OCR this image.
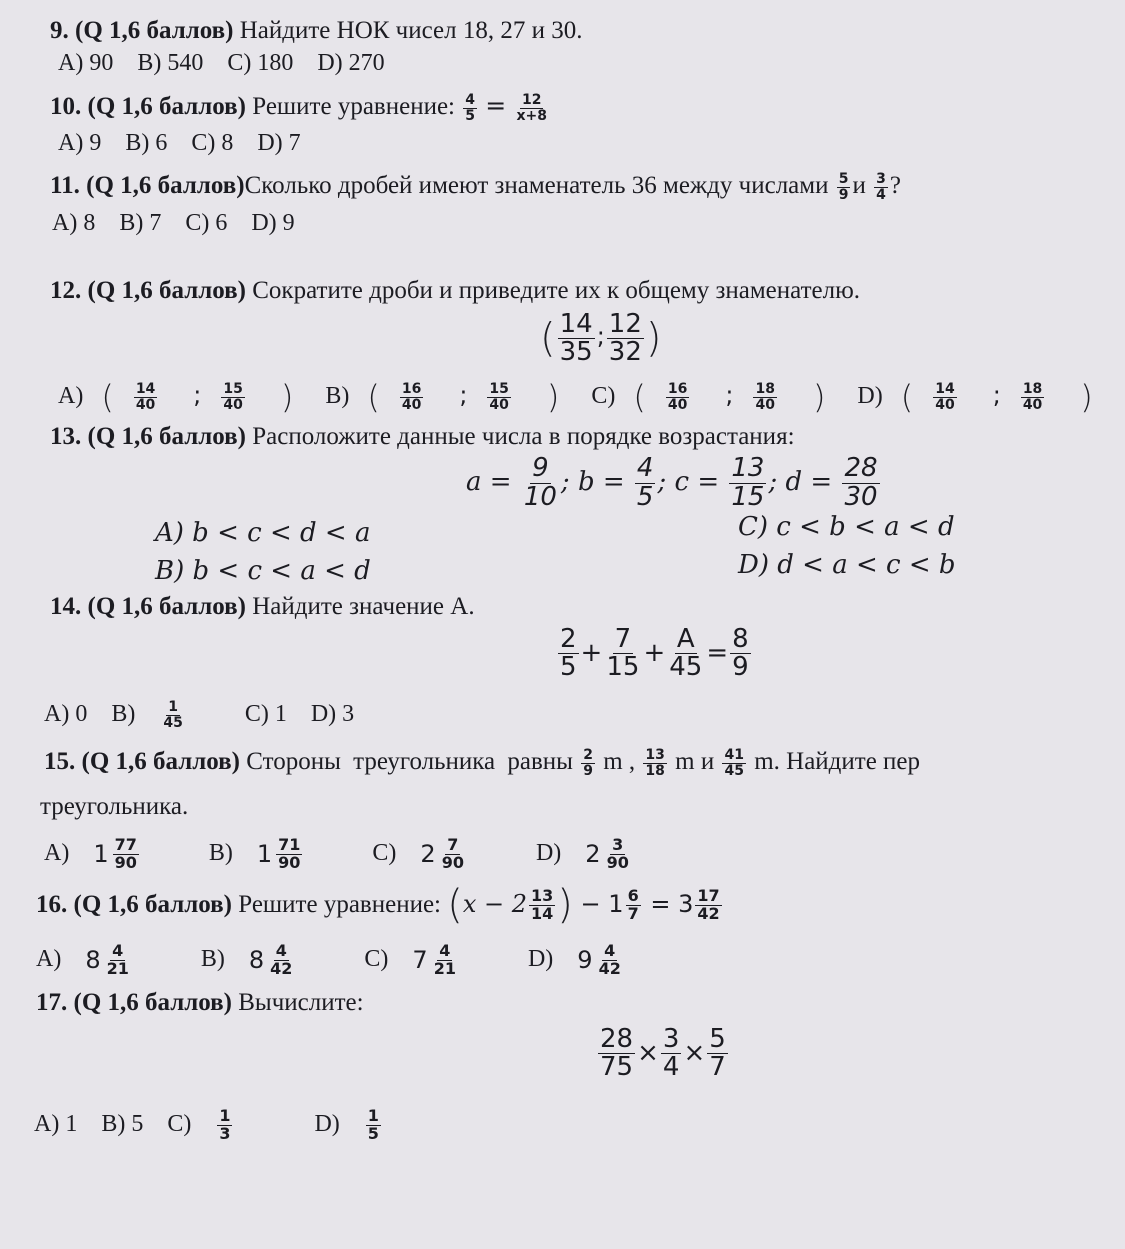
9. (Q 1,6 баллов) Найдите НОК чисел 18, 27 и 30.
A) 90 B) 540 C) 180 D) 270
10. (Q 1,6 баллов) Решите уравнение: $\frac{4}{5} = \frac{12}{x+8}$
A) 9 B) 6 C) 8 D) 7
11. (Q 1,6 баллов)Сколько дробей имеют знаменатель 36 между числами $\frac{5}{9}$ и $\frac{3}{4}$ ?
A) 8 B) 7 C) 6 D) 9
12. (Q 1,6 баллов) Сократите дроби и приведите их к общему знаменателю.
( $\frac{14}{35}$ ; $\frac{12}{32}$ )
A) ( $\frac{14}{40}$ ; $\frac{15}{40}$ ) B) ( $\frac{16}{40}$ ; $\frac{15}{40}$ ) C) ( $\frac{16}{40}$ ; $\frac{18}{40}$ ) D) ( $\frac{14}{40}$ ; $\frac{18}{40}$ )
13. (Q 1,6 баллов) Расположите данные числа в порядке возрастания:
$a = \frac{9}{10}$ ; $b = \frac{4}{5}$ ; $c = \frac{13}{15}$ ; $d = \frac{28}{30}$
A) b < c < d < a	C) c < b < a < d
B) b < c < a < d	D) d < a < c < b
14. (Q 1,6 баллов) Найдите значение A.
$\frac{2}{5} + \frac{7}{15} + \frac{A}{45} = \frac{8}{9}$
A) 0 $B) \frac{1}{45} C$) 1 D) 3
15. (Q 1,6 баллов) Стороны треугольника равны $\frac{2}{9}$ m , $\frac{13}{18}$ m и $\frac{41}{45} m$. Найдите пер
треугольника.
A) $1 \frac{77}{90} B$) $1 \frac{71}{90} C$) $2 \frac{7}{90} D$) $2 \frac{3}{90}$
16. (Q 1,6 баллов) Решите уравнение: ($x - 2 \frac{13}{14}$ ) − $1 \frac{6}{7} = 3 \frac{17}{42}$
A) $8 \frac{4}{21} B$) $8 \frac{4}{42} C$) $7 \frac{4}{21} D$) $9 \frac{4}{42}$
17. (Q 1,6 баллов) Вычислите:
$\frac{28}{75} \times \frac{3}{4} \times \frac{5}{7}$
A) 1 B) 5 $C) \frac{1}{3}$	$D) \frac{1}{5}$
